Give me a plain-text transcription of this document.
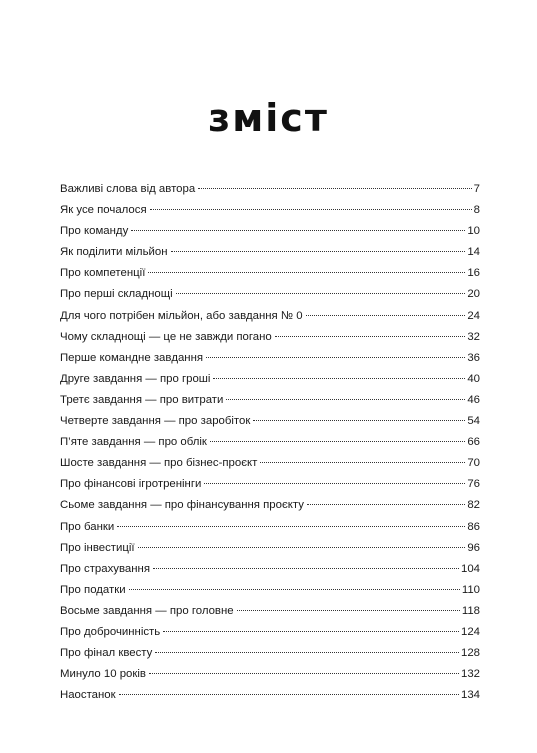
зміст
Важливі слова від автора	7
Як усе почалося	8
Про команду	10
Як поділити мільйон	14
Про компетенції	16
Про перші складнощі	20
Для чого потрібен мільйон, або завдання № 0	24
Чому складнощі — це не завжди погано	32
Перше командне завдання	36
Друге завдання — про гроші	40
Третє завдання — про витрати	46
Четверте завдання — про заробіток	54
П’яте завдання — про облік	66
Шосте завдання — про бізнес-проєкт	70
Про фінансові ігротренінги	76
Сьоме завдання — про фінансування проєкту	82
Про банки	86
Про інвестиції	96
Про страхування	104
Про податки	110
Восьме завдання — про головне	118
Про доброчинність	124
Про фінал квесту	128
Минуло 10 років	132
Наостанок	134
